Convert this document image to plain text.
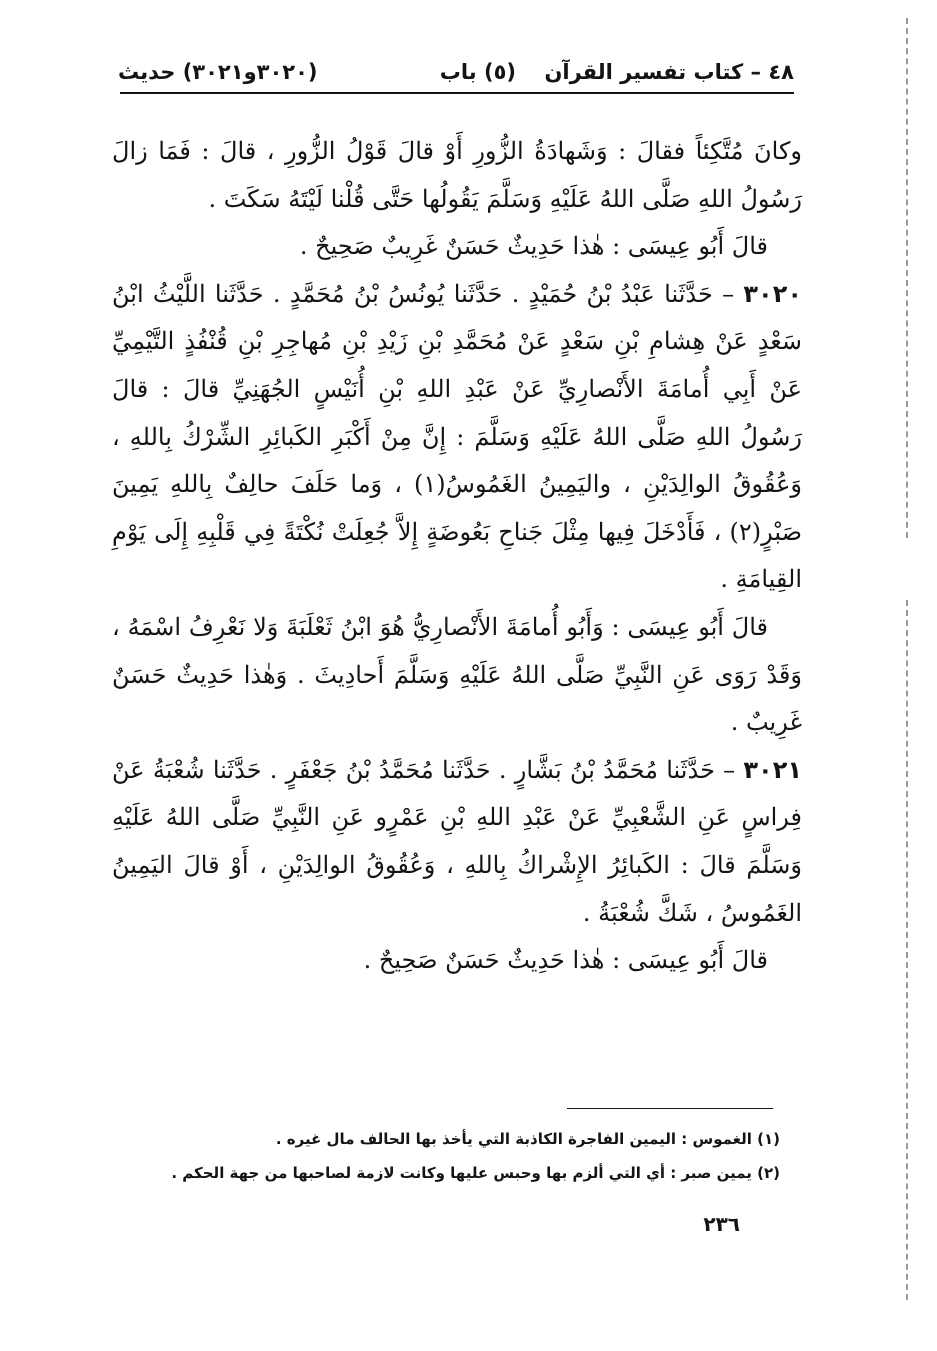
٤٨ – كتاب تفسير القرآن
(٥) باب
(٣٠٢٠و٣٠٢١) حديث

وكانَ مُتَّكِئاً فقالَ : وَشَهادَةُ الزُّورِ أَوْ قالَ قَوْلُ الزُّورِ ، قالَ : فَمَا زالَ رَسُولُ اللهِ صَلَّى اللهُ عَلَيْهِ وَسَلَّمَ يَقُولُها حَتَّى قُلْنا لَيْتَهُ سَكَتَ .

قالَ أَبُو عِيسَى : هٰذا حَدِيثٌ حَسَنٌ غَرِيبٌ صَحِيحٌ .

٣٠٢٠ – حَدَّثَنا عَبْدُ بْنُ حُمَيْدٍ . حَدَّثَنا يُونُسُ بْنُ مُحَمَّدٍ . حَدَّثَنا اللَّيْثُ ابْنُ سَعْدٍ عَنْ هِشامِ بْنِ سَعْدٍ عَنْ مُحَمَّدِ بْنِ زَيْدِ بْنِ مُهاجِرِ بْنِ قُنْفُذٍ التَّيْمِيِّ عَنْ أَبِي أُمامَةَ الأَنْصارِيِّ عَنْ عَبْدِ اللهِ بْنِ أُنَيْسٍ الجُهَنِيِّ قالَ : قالَ رَسُولُ اللهِ صَلَّى اللهُ عَلَيْهِ وَسَلَّمَ : إِنَّ مِنْ أَكْبَرِ الكَبائِرِ الشِّرْكُ بِاللهِ ، وَعُقُوقُ الوالِدَيْنِ ، واليَمِينُ الغَمُوسُ(١) ، وَما حَلَفَ حالِفٌ بِاللهِ يَمِينَ صَبْرٍ(٢) ، فَأَدْخَلَ فِيها مِثْلَ جَناحِ بَعُوضَةٍ إِلاَّ جُعِلَتْ نُكْتَةً فِي قَلْبِهِ إِلَى يَوْمِ القِيامَةِ .

قالَ أَبُو عِيسَى : وَأَبُو أُمامَةَ الأَنْصارِيُّ هُوَ ابْنُ ثَعْلَبَةَ وَلا نَعْرِفُ اسْمَهُ ، وَقَدْ رَوَى عَنِ النَّبِيِّ صَلَّى اللهُ عَلَيْهِ وَسَلَّمَ أَحادِيثَ . وَهٰذا حَدِيثٌ حَسَنٌ غَرِيبٌ .

٣٠٢١ – حَدَّثَنا مُحَمَّدُ بْنُ بَشَّارٍ . حَدَّثَنا مُحَمَّدُ بْنُ جَعْفَرٍ . حَدَّثَنا شُعْبَةُ عَنْ فِراسٍ عَنِ الشَّعْبِيِّ عَنْ عَبْدِ اللهِ بْنِ عَمْرٍو عَنِ النَّبِيِّ صَلَّى اللهُ عَلَيْهِ وَسَلَّمَ قالَ : الكَبائِرُ الإِشْراكُ بِاللهِ ، وَعُقُوقُ الوالِدَيْنِ ، أَوْ قالَ اليَمِينُ الغَمُوسُ ، شَكَّ شُعْبَةُ .

قالَ أَبُو عِيسَى : هٰذا حَدِيثٌ حَسَنٌ صَحِيحٌ .

(١) الغموس : اليمين الفاجرة الكاذبة التي يأخذ بها الحالف مال غيره .

(٢) يمين صبر : أي التي ألزم بها وحبس عليها وكانت لازمة لصاحبها من جهة الحكم .

٢٣٦
